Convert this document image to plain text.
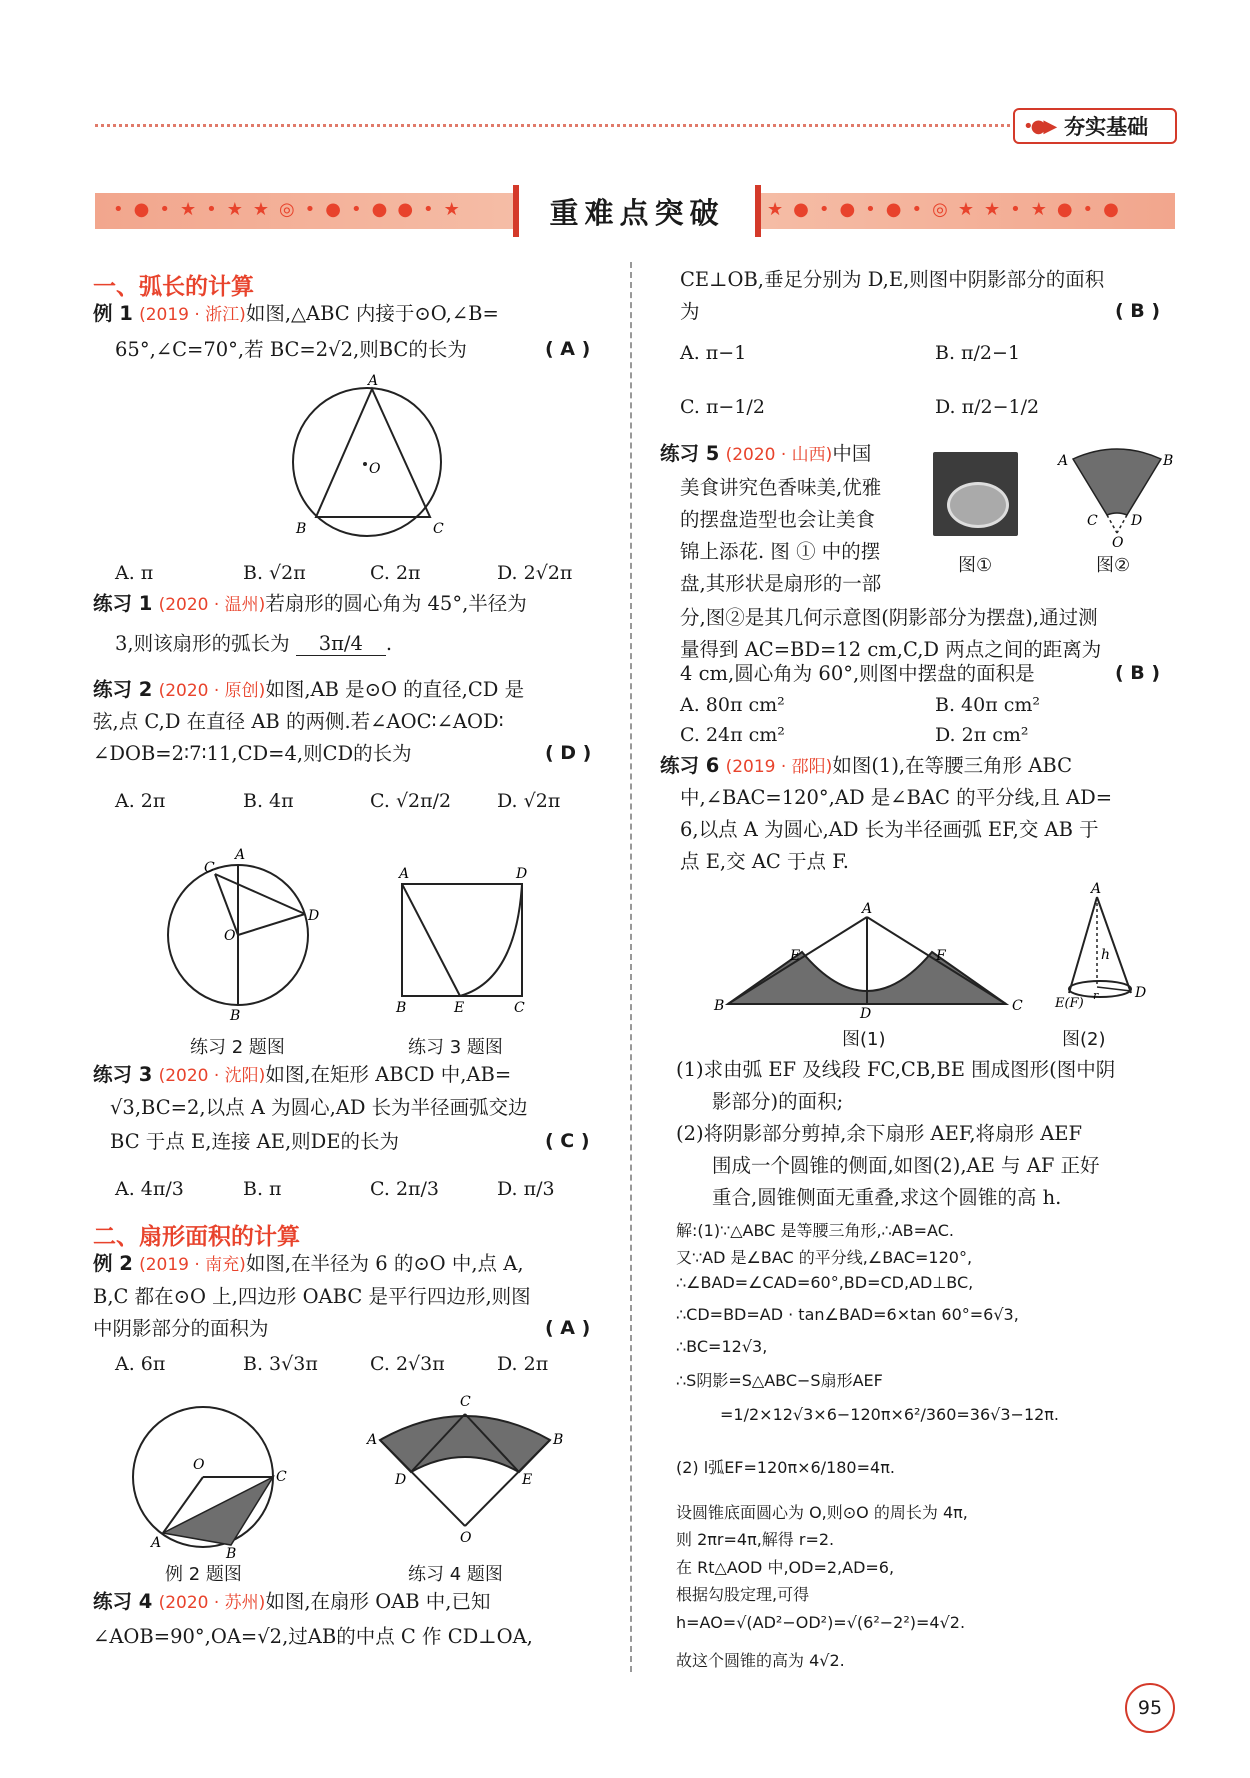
•●▶ 夯实基础
•●•★•★★◎•●•●●•★	★●•●•●•◎★★•★●•●
重难点突破
一、弧长的计算
例 1 (2019 · 浙江)如图,△ABC 内接于⊙O,∠B=
65°,∠C=70°,若 BC=2√2,则BC的长为	( A )
O
A
B	C
A. π	B. √2π	C. 2π	D. 2√2π
练习 1 (2020 · 温州)若扇形的圆心角为 45°,半径为
3,则该扇形的弧长为 3π/4 .
练习 2 (2020 · 原创)如图,AB 是⊙O 的直径,CD 是
弦,点 C,D 在直径 AB 的两侧.若∠AOC∶∠AOD∶
∠DOB=2∶7∶11,CD=4,则CD的长为	( D )
A. 2π	B. 4π	C. √2π/2 D. √2π
C
A
D
O
B
A	D
B	E	C
练习 2 题图	练习 3 题图
练习 3 (2020 · 沈阳)如图,在矩形 ABCD 中,AB=
√3,BC=2,以点 A 为圆心,AD 长为半径画弧交边
BC 于点 E,连接 AE,则DE的长为	( C )
A. 4π/3	B. π	C. 2π/3	D. π/3
二、扇形面积的计算
例 2 (2019 · 南充)如图,在半径为 6 的⊙O 中,点 A,
B,C 都在⊙O 上,四边形 OABC 是平行四边形,则图
中阴影部分的面积为	( A )
A. 6π	B. 3√3π	C. 2√3π	D. 2π
O
C
A
B
C
A	B
D	E
O
例 2 题图	练习 4 题图
练习 4 (2020 · 苏州)如图,在扇形 OAB 中,已知
∠AOB=90°,OA=√2,过AB的中点 C 作 CD⊥OA,
CE⊥OB,垂足分别为 D,E,则图中阴影部分的面积
为	( B )
A. π−1	B. π/2−1
C. π−1/2	D. π/2−1/2
练习 5 (2020 · 山西)中国
美食讲究色香味美,优雅
的摆盘造型也会让美食
锦上添花. 图 ① 中的摆
盘,其形状是扇形的一部
分,图②是其几何示意图(阴影部分为摆盘),通过测
量得到 AC=BD=12 cm,C,D 两点之间的距离为
4 cm,圆心角为 60°,则图中摆盘的面积是	( B )
A. 80π cm²	B. 40π cm²
C. 24π cm²	D. 2π cm²
A	B
C D
O
图①	图②
练习 6 (2019 · 邵阳)如图(1),在等腰三角形 ABC
中,∠BAC=120°,AD 是∠BAC 的平分线,且 AD=
6,以点 A 为圆心,AD 长为半径画弧 EF,交 AB 于
点 E,交 AC 于点 F.
A
E	F
B	D	C
A
h
E(F)
D
r
图(1)	图(2)
(1)求由弧 EF 及线段 FC,CB,BE 围成图形(图中阴
影部分)的面积;
(2)将阴影部分剪掉,余下扇形 AEF,将扇形 AEF
围成一个圆锥的侧面,如图(2),AE 与 AF 正好
重合,圆锥侧面无重叠,求这个圆锥的高 h.
解:(1)∵△ABC 是等腰三角形,∴AB=AC.
又∵AD 是∠BAC 的平分线,∠BAC=120°,
∴∠BAD=∠CAD=60°,BD=CD,AD⊥BC,
∴CD=BD=AD · tan∠BAD=6×tan 60°=6√3,
∴BC=12√3,
∴S阴影=S△ABC−S扇形AEF
=1/2×12√3×6−120π×6²/360=36√3−12π.
(2) l弧EF=120π×6/180=4π.
设圆锥底面圆心为 O,则⊙O 的周长为 4π,
则 2πr=4π,解得 r=2.
在 Rt△AOD 中,OD=2,AD=6,
根据勾股定理,可得
h=AO=√(AD²−OD²)=√(6²−2²)=4√2.
故这个圆锥的高为 4√2.
95
